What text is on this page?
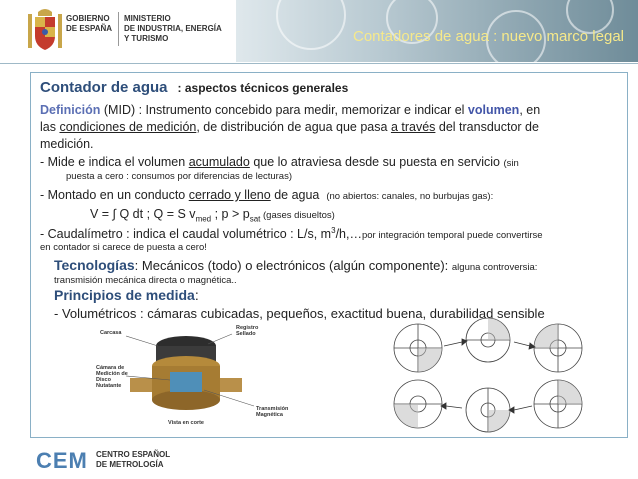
GOBIERNO
DE ESPAÑA
MINISTERIO
DE INDUSTRIA, ENERGÍA
Y TURISMO	Contadores de agua : nuevo marco legal
Contador de agua : aspectos técnicos generales
Definición (MID) : Instrumento concebido para medir, memorizar e indicar el volumen, en
las condiciones de medición, de distribución de agua que pasa a través del transductor de
medición.
- Mide e indica el volumen acumulado que lo atraviesa desde su puesta en servicio (sin
puesta a cero : consumos por diferencias de lecturas)
- Montado en un conducto cerrado y lleno de agua (no abiertos: canales, no burbujas gas):
V = ∫ Q dt ; Q = S $v_{med}$ ; $p > p_{sat}$ (gases disueltos)
- Caudalímetro : indica el caudal volumétrico : L/s, $m^3/h,\dots por$ integración temporal puede convertirse
en contador si carece de puesta a cero!
Tecnologías: Mecánicos (todo) o electrónicos (algún componente): alguna controversia:
transmisión mecánica directa o magnética..
Principios de medida:
- Volumétricos : cámaras cubicadas, pequeños, exactitud buena, durabilidad sensible
Carcasa
Registro
Sellado
Cámara de
Medición de
Disco
Nutatante
Transmisión
Magnética
Vista en corte
CEM CENTRO ESPAÑOL
DE METROLOGÍA
